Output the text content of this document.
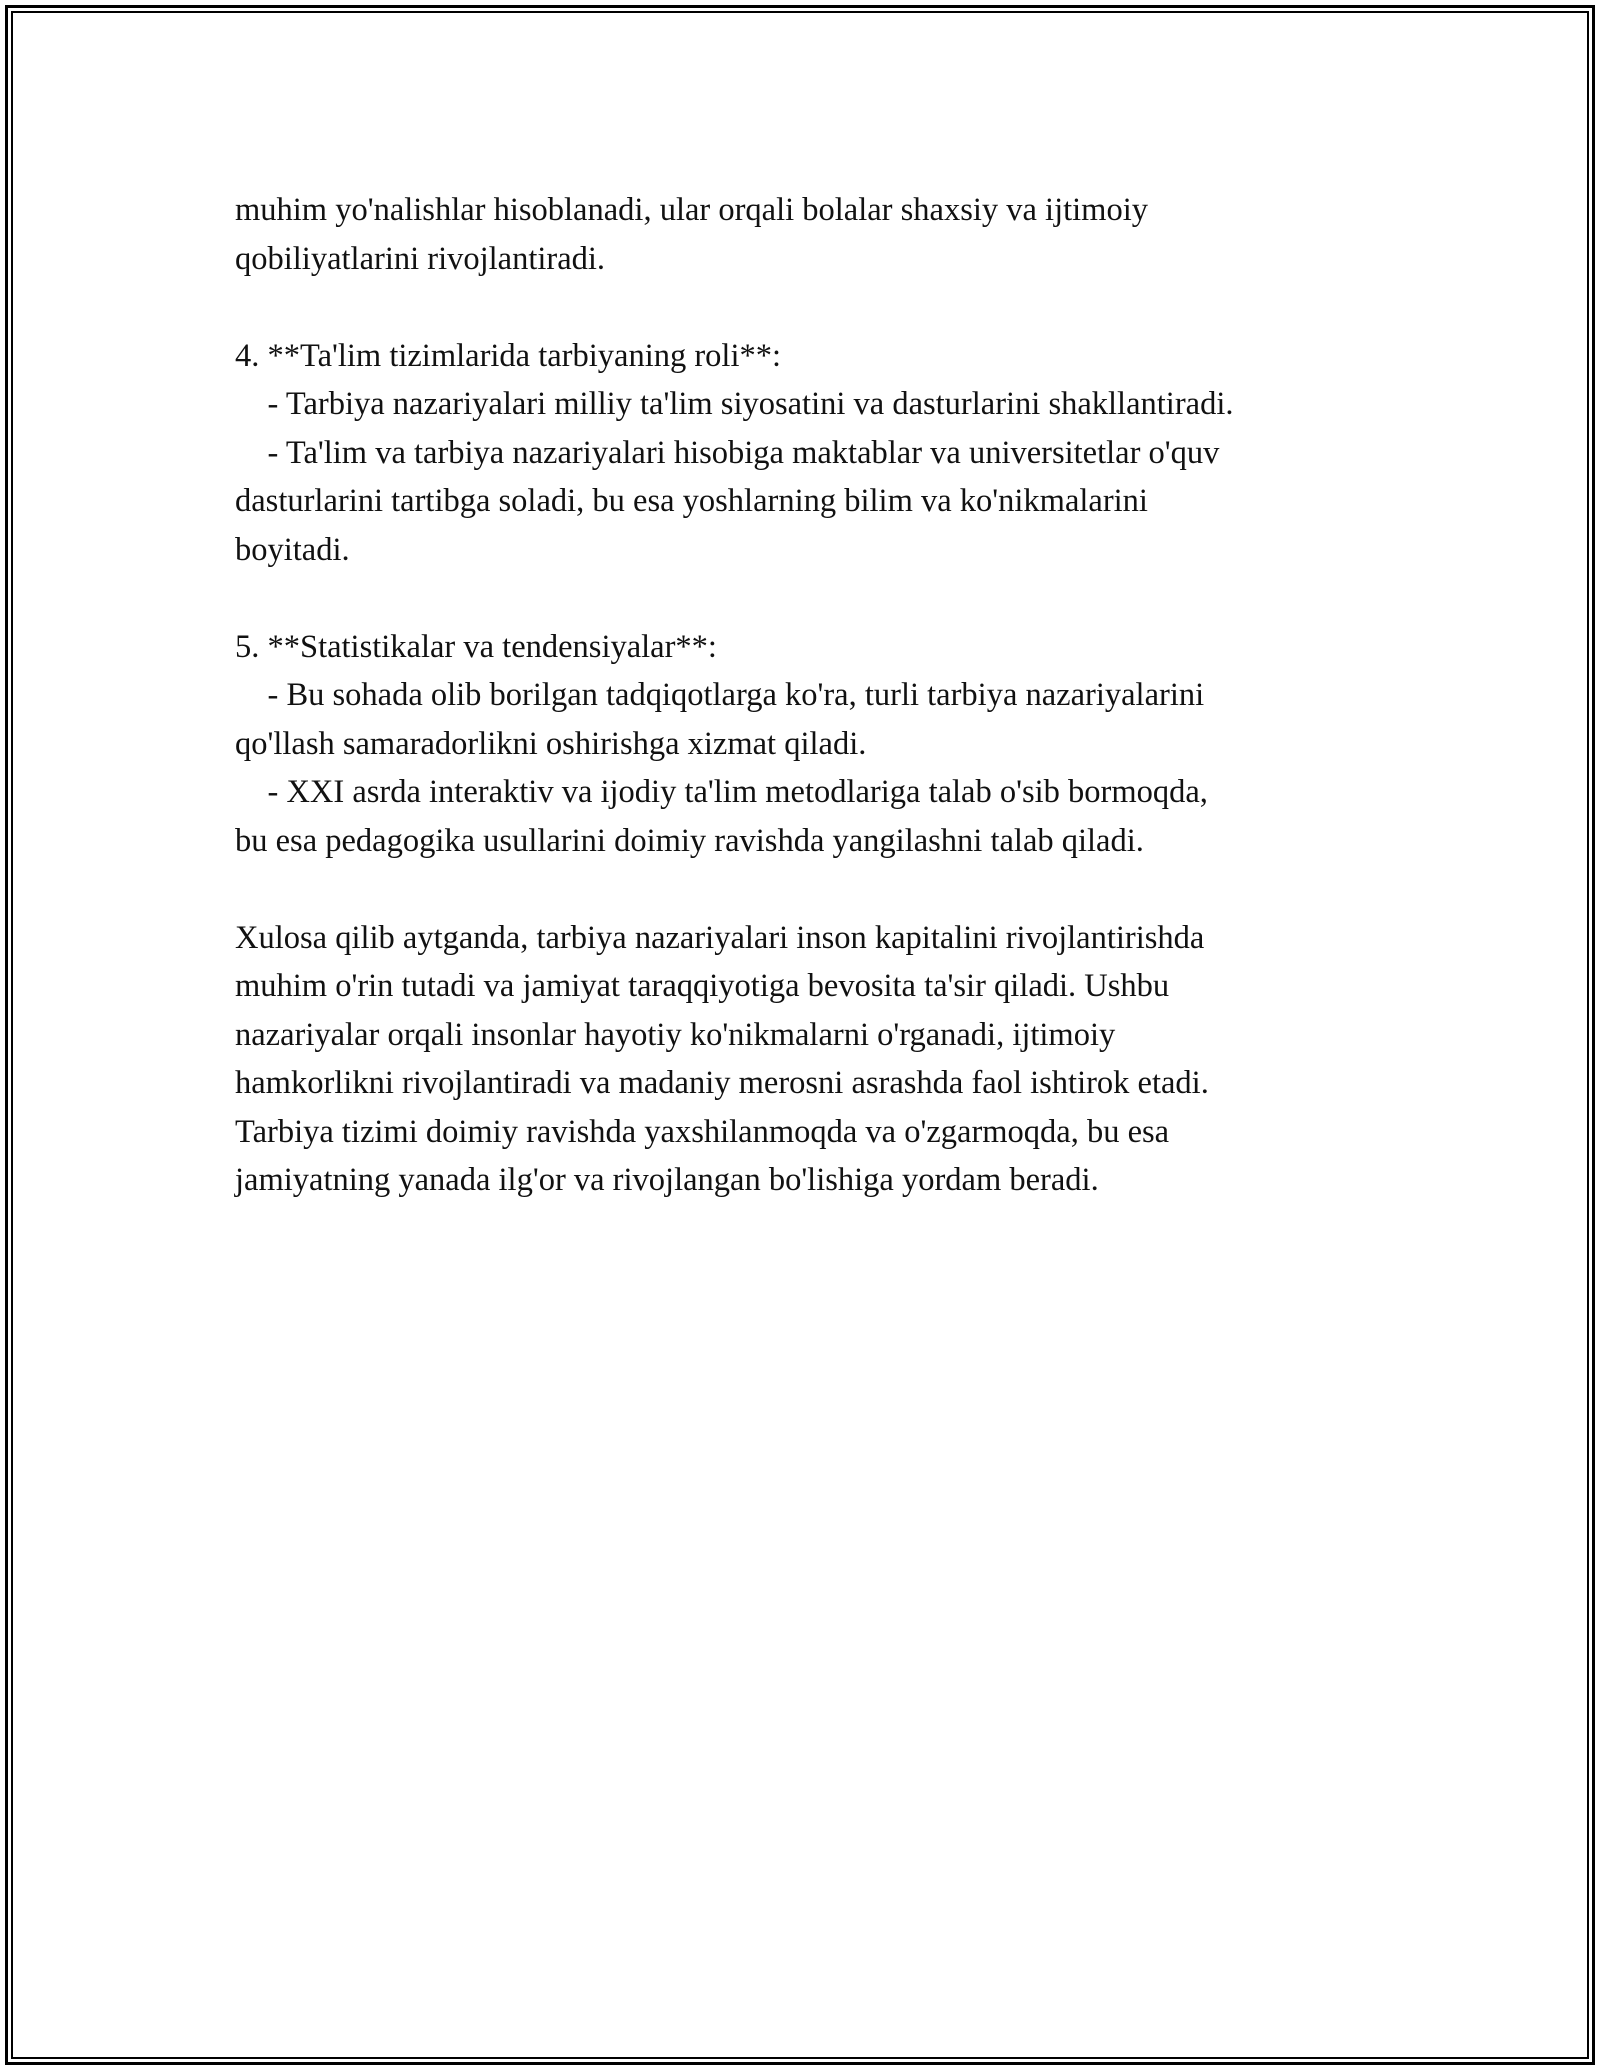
muhim yo'nalishlar hisoblanadi, ular orqali bolalar shaxsiy va ijtimoiy
qobiliyatlarini rivojlantiradi.
4. **Ta'lim tizimlarida tarbiyaning roli**:
- Tarbiya nazariyalari milliy ta'lim siyosatini va dasturlarini shakllantiradi.
- Ta'lim va tarbiya nazariyalari hisobiga maktablar va universitetlar o'quv
dasturlarini tartibga soladi, bu esa yoshlarning bilim va ko'nikmalarini
boyitadi.
5. **Statistikalar va tendensiyalar**:
- Bu sohada olib borilgan tadqiqotlarga ko'ra, turli tarbiya nazariyalarini
qo'llash samaradorlikni oshirishga xizmat qiladi.
- XXI asrda interaktiv va ijodiy ta'lim metodlariga talab o'sib bormoqda,
bu esa pedagogika usullarini doimiy ravishda yangilashni talab qiladi.
Xulosa qilib aytganda, tarbiya nazariyalari inson kapitalini rivojlantirishda
muhim o'rin tutadi va jamiyat taraqqiyotiga bevosita ta'sir qiladi. Ushbu
nazariyalar orqali insonlar hayotiy ko'nikmalarni o'rganadi, ijtimoiy
hamkorlikni rivojlantiradi va madaniy merosni asrashda faol ishtirok etadi.
Tarbiya tizimi doimiy ravishda yaxshilanmoqda va o'zgarmoqda, bu esa
jamiyatning yanada ilg'or va rivojlangan bo'lishiga yordam beradi.
